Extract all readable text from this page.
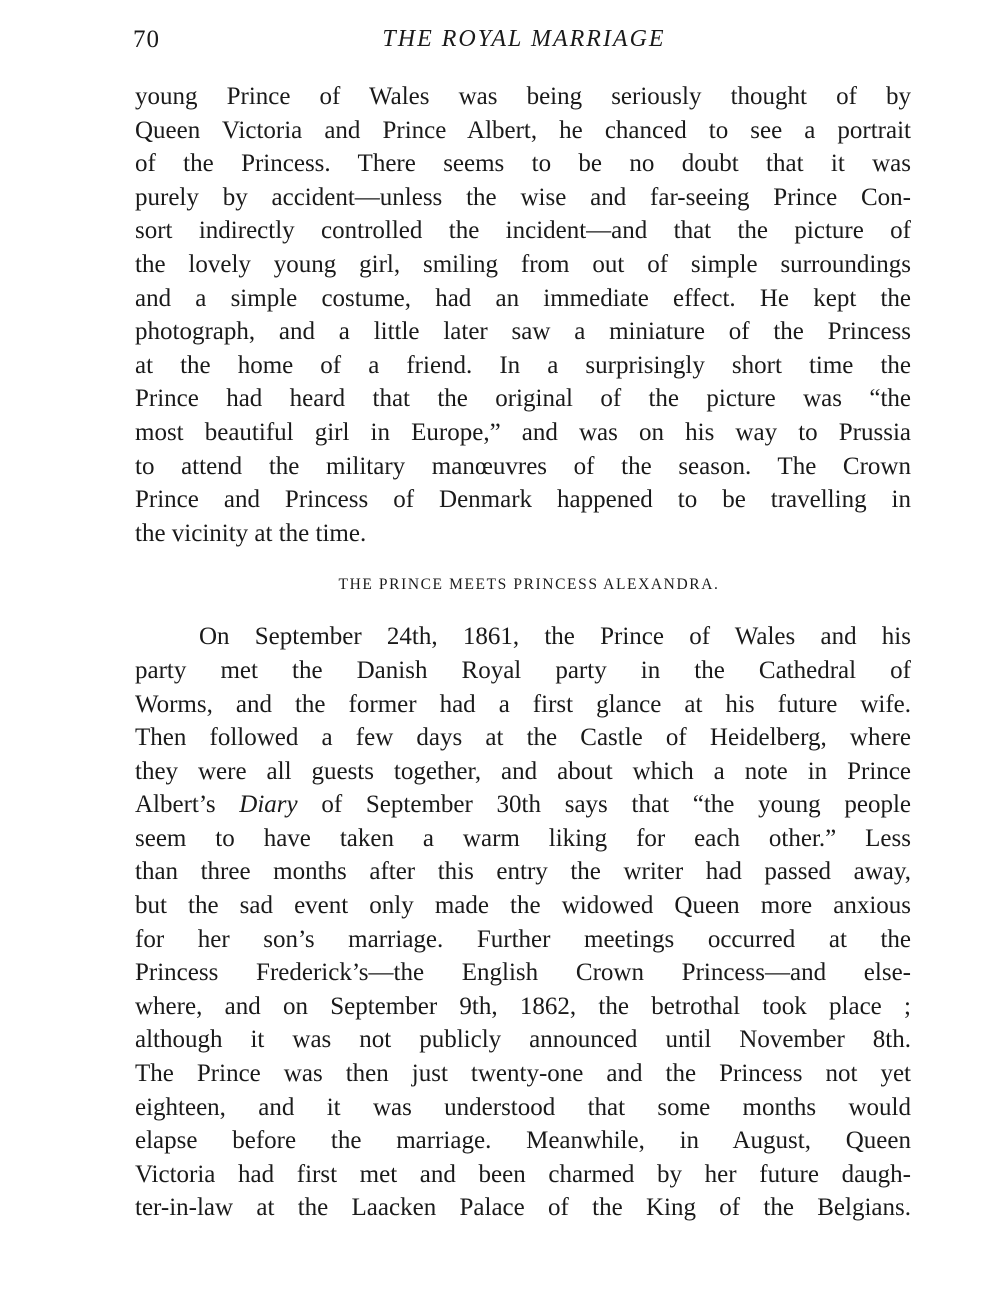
70	THE ROYAL MARRIAGE
young Prince of Wales was being seriously thought of by
Queen Victoria and Prince Albert, he chanced to see a portrait
of the Princess. There seems to be no doubt that it was
purely by accident—unless the wise and far-seeing Prince Con-
sort indirectly controlled the incident—and that the picture of
the lovely young girl, smiling from out of simple surroundings
and a simple costume, had an immediate effect. He kept the
photograph, and a little later saw a miniature of the Princess
at the home of a friend. In a surprisingly short time the
Prince had heard that the original of the picture was “the
most beautiful girl in Europe,” and was on his way to Prussia
to attend the military manœuvres of the season. The Crown
Prince and Princess of Denmark happened to be travelling in
the vicinity at the time.
THE PRINCE MEETS PRINCESS ALEXANDRA.
On September 24th, 1861, the Prince of Wales and his
party met the Danish Royal party in the Cathedral of
Worms, and the former had a first glance at his future wife.
Then followed a few days at the Castle of Heidelberg, where
they were all guests together, and about which a note in Prince
Albert’s Diary of September 30th says that “the young people
seem to have taken a warm liking for each other.” Less
than three months after this entry the writer had passed away,
but the sad event only made the widowed Queen more anxious
for her son’s marriage. Further meetings occurred at the
Princess Frederick’s—the English Crown Princess—and else-
where, and on September 9th, 1862, the betrothal took place ;
although it was not publicly announced until November 8th.
The Prince was then just twenty-one and the Princess not yet
eighteen, and it was understood that some months would
elapse before the marriage. Meanwhile, in August, Queen
Victoria had first met and been charmed by her future daugh-
ter-in-law at the Laacken Palace of the King of the Belgians.
